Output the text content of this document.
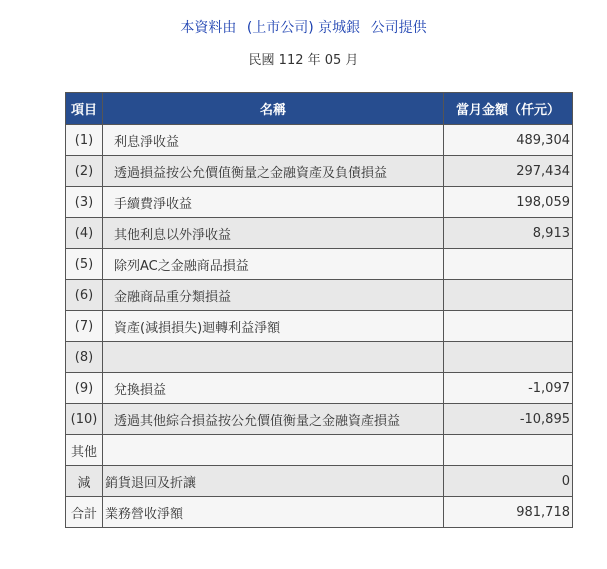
本資料由 (上市公司) 京城銀 公司提供
民國 112 年 05 月
項目	名稱	當月金額（仟元）
(1)	利息淨收益	489,304
(2)	透過損益按公允價值衡量之金融資產及負債損益	297,434
(3)	手續費淨收益	198,059
(4)	其他利息以外淨收益	8,913
(5)	除列AC之金融商品損益	
(6)	金融商品重分類損益	
(7)	資產(減損損失)迴轉利益淨額	
(8)		
(9)	兌換損益	-1,097
(10)	透過其他綜合損益按公允價值衡量之金融資產損益	-10,895
其他		
減	銷貨退回及折讓	0
合計	業務營收淨額	981,718
